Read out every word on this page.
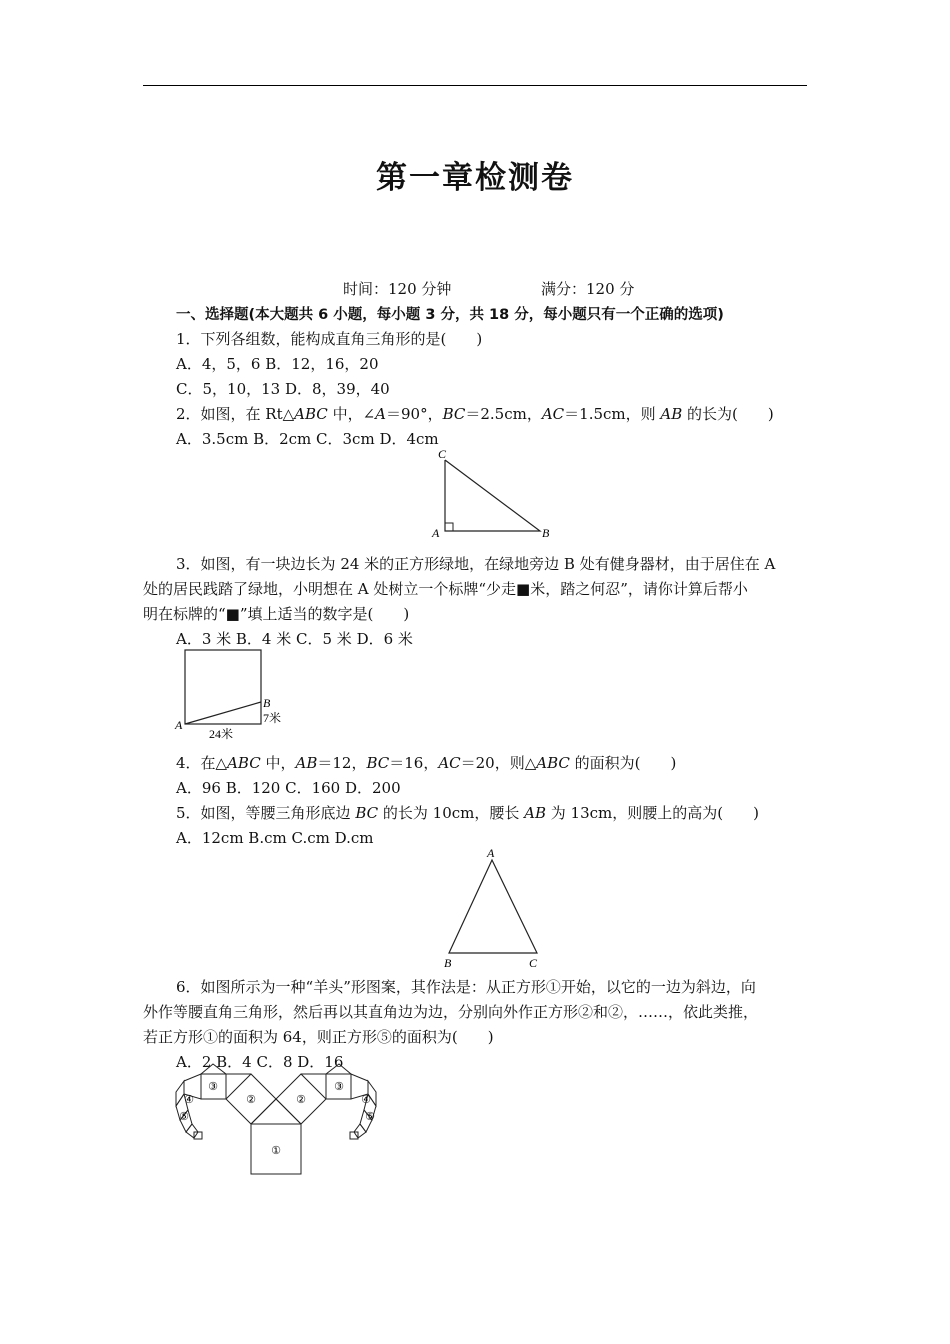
第一章检测卷
时间：120 分钟	满分：120 分
一、选择题(本大题共 6 小题，每小题 3 分，共 18 分，每小题只有一个正确的选项)
1．下列各组数，能构成直角三角形的是(　　)
A．4，5，6 B．12，16，20
C．5，10，13 D．8，39，40
2．如图，在 Rt△ABC 中，∠A＝90°，BC＝2.5cm，AC＝1.5cm，则 AB 的长为(　　)
A．3.5cm B．2cm C．3cm D．4cm
C
A	B
3．如图，有一块边长为 24 米的正方形绿地，在绿地旁边 B 处有健身器材，由于居住在 A
处的居民践踏了绿地，小明想在 A 处树立一个标牌“少走■米，踏之何忍”，请你计算后帮小
明在标牌的“■”填上适当的数字是(　　)
A．3 米 B．4 米 C．5 米 D．6 米
A
B
7米
24米
4．在△ABC 中，AB＝12，BC＝16，AC＝20，则△ABC 的面积为(　　)
A．96 B．120 C．160 D．200
5．如图，等腰三角形底边 BC 的长为 10cm，腰长 AB 为 13cm，则腰上的高为(　　)
A．12cm B.cm C.cm D.cm
A
B	C
6．如图所示为一种“羊头”形图案，其作法是：从正方形①开始，以它的一边为斜边，向
外作等腰直角三角形，然后再以其直角边为边，分别向外作正方形②和②，……，依此类推，
若正方形①的面积为 64，则正方形⑤的面积为(　　)
A．2 B．4 C．8 D．16
①
②	②
③	③
④	④
⑤	⑤
